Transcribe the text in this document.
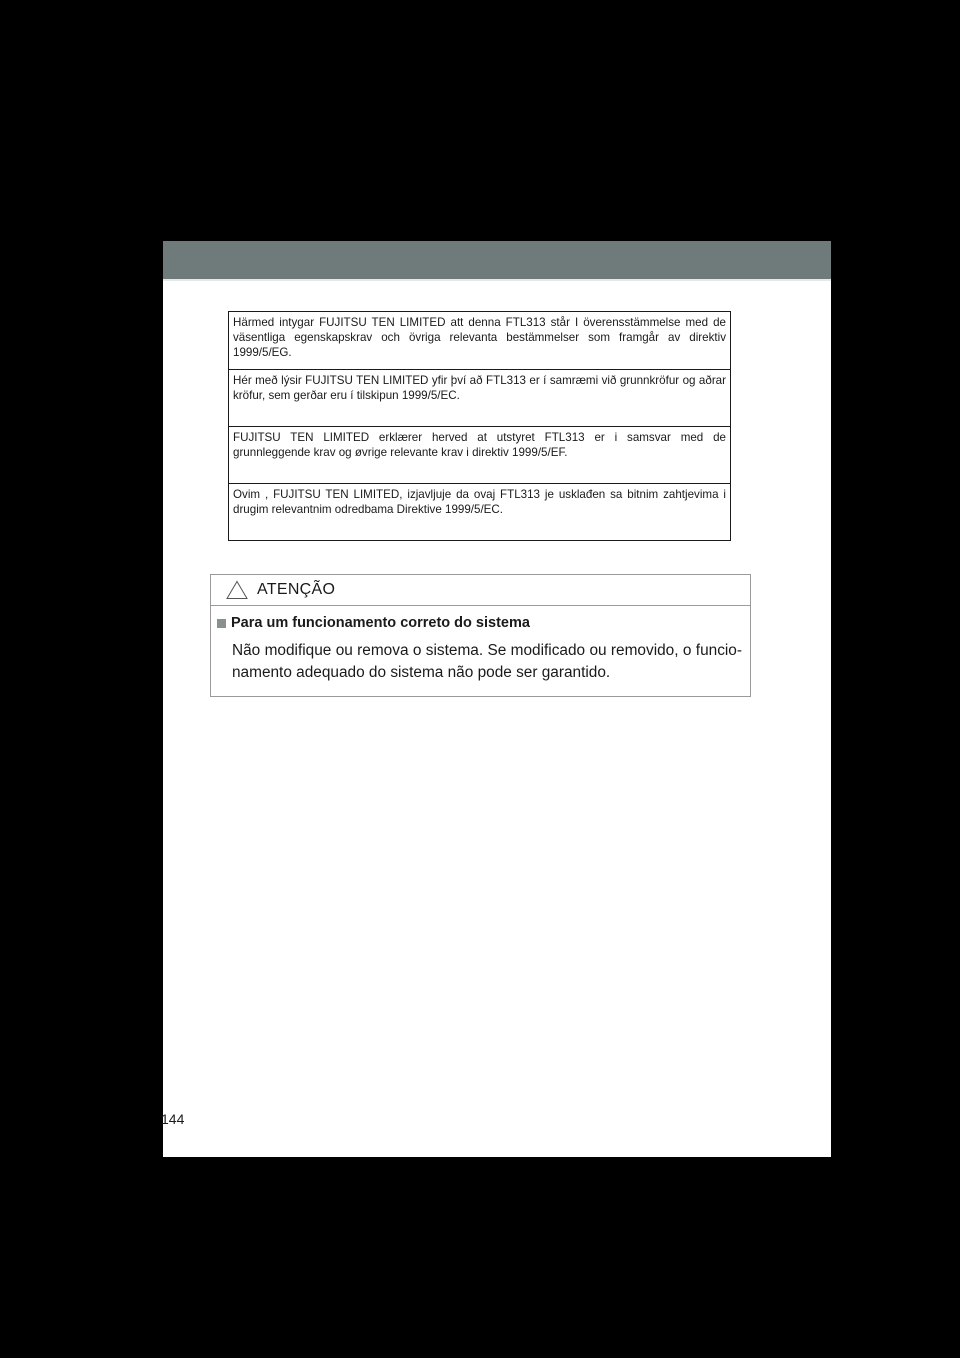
Härmed intygar FUJITSU TEN LIMITED att denna FTL313 står I överensstämmelse med de väsentliga egenskapskrav och övriga relevanta bestämmelser som framgår av direktiv 1999/5/EG.
Hér með lýsir FUJITSU TEN LIMITED yfir því að FTL313 er í samræmi við grunnkröfur og aðrar kröfur, sem gerðar eru í tilskipun 1999/5/EC.
FUJITSU TEN LIMITED erklærer herved at utstyret FTL313 er i samsvar med de grunnleggende krav og øvrige relevante krav i direktiv 1999/5/EF.
Ovim , FUJITSU TEN LIMITED, izjavljuje da ovaj FTL313 je usklađen sa bitnim zahtjevima i drugim relevantnim odredbama Direktive 1999/5/EC.
ATENÇÃO
Para um funcionamento correto do sistema
Não modifique ou remova o sistema. Se modificado ou removido, o funcio- namento adequado do sistema não pode ser garantido.
144
